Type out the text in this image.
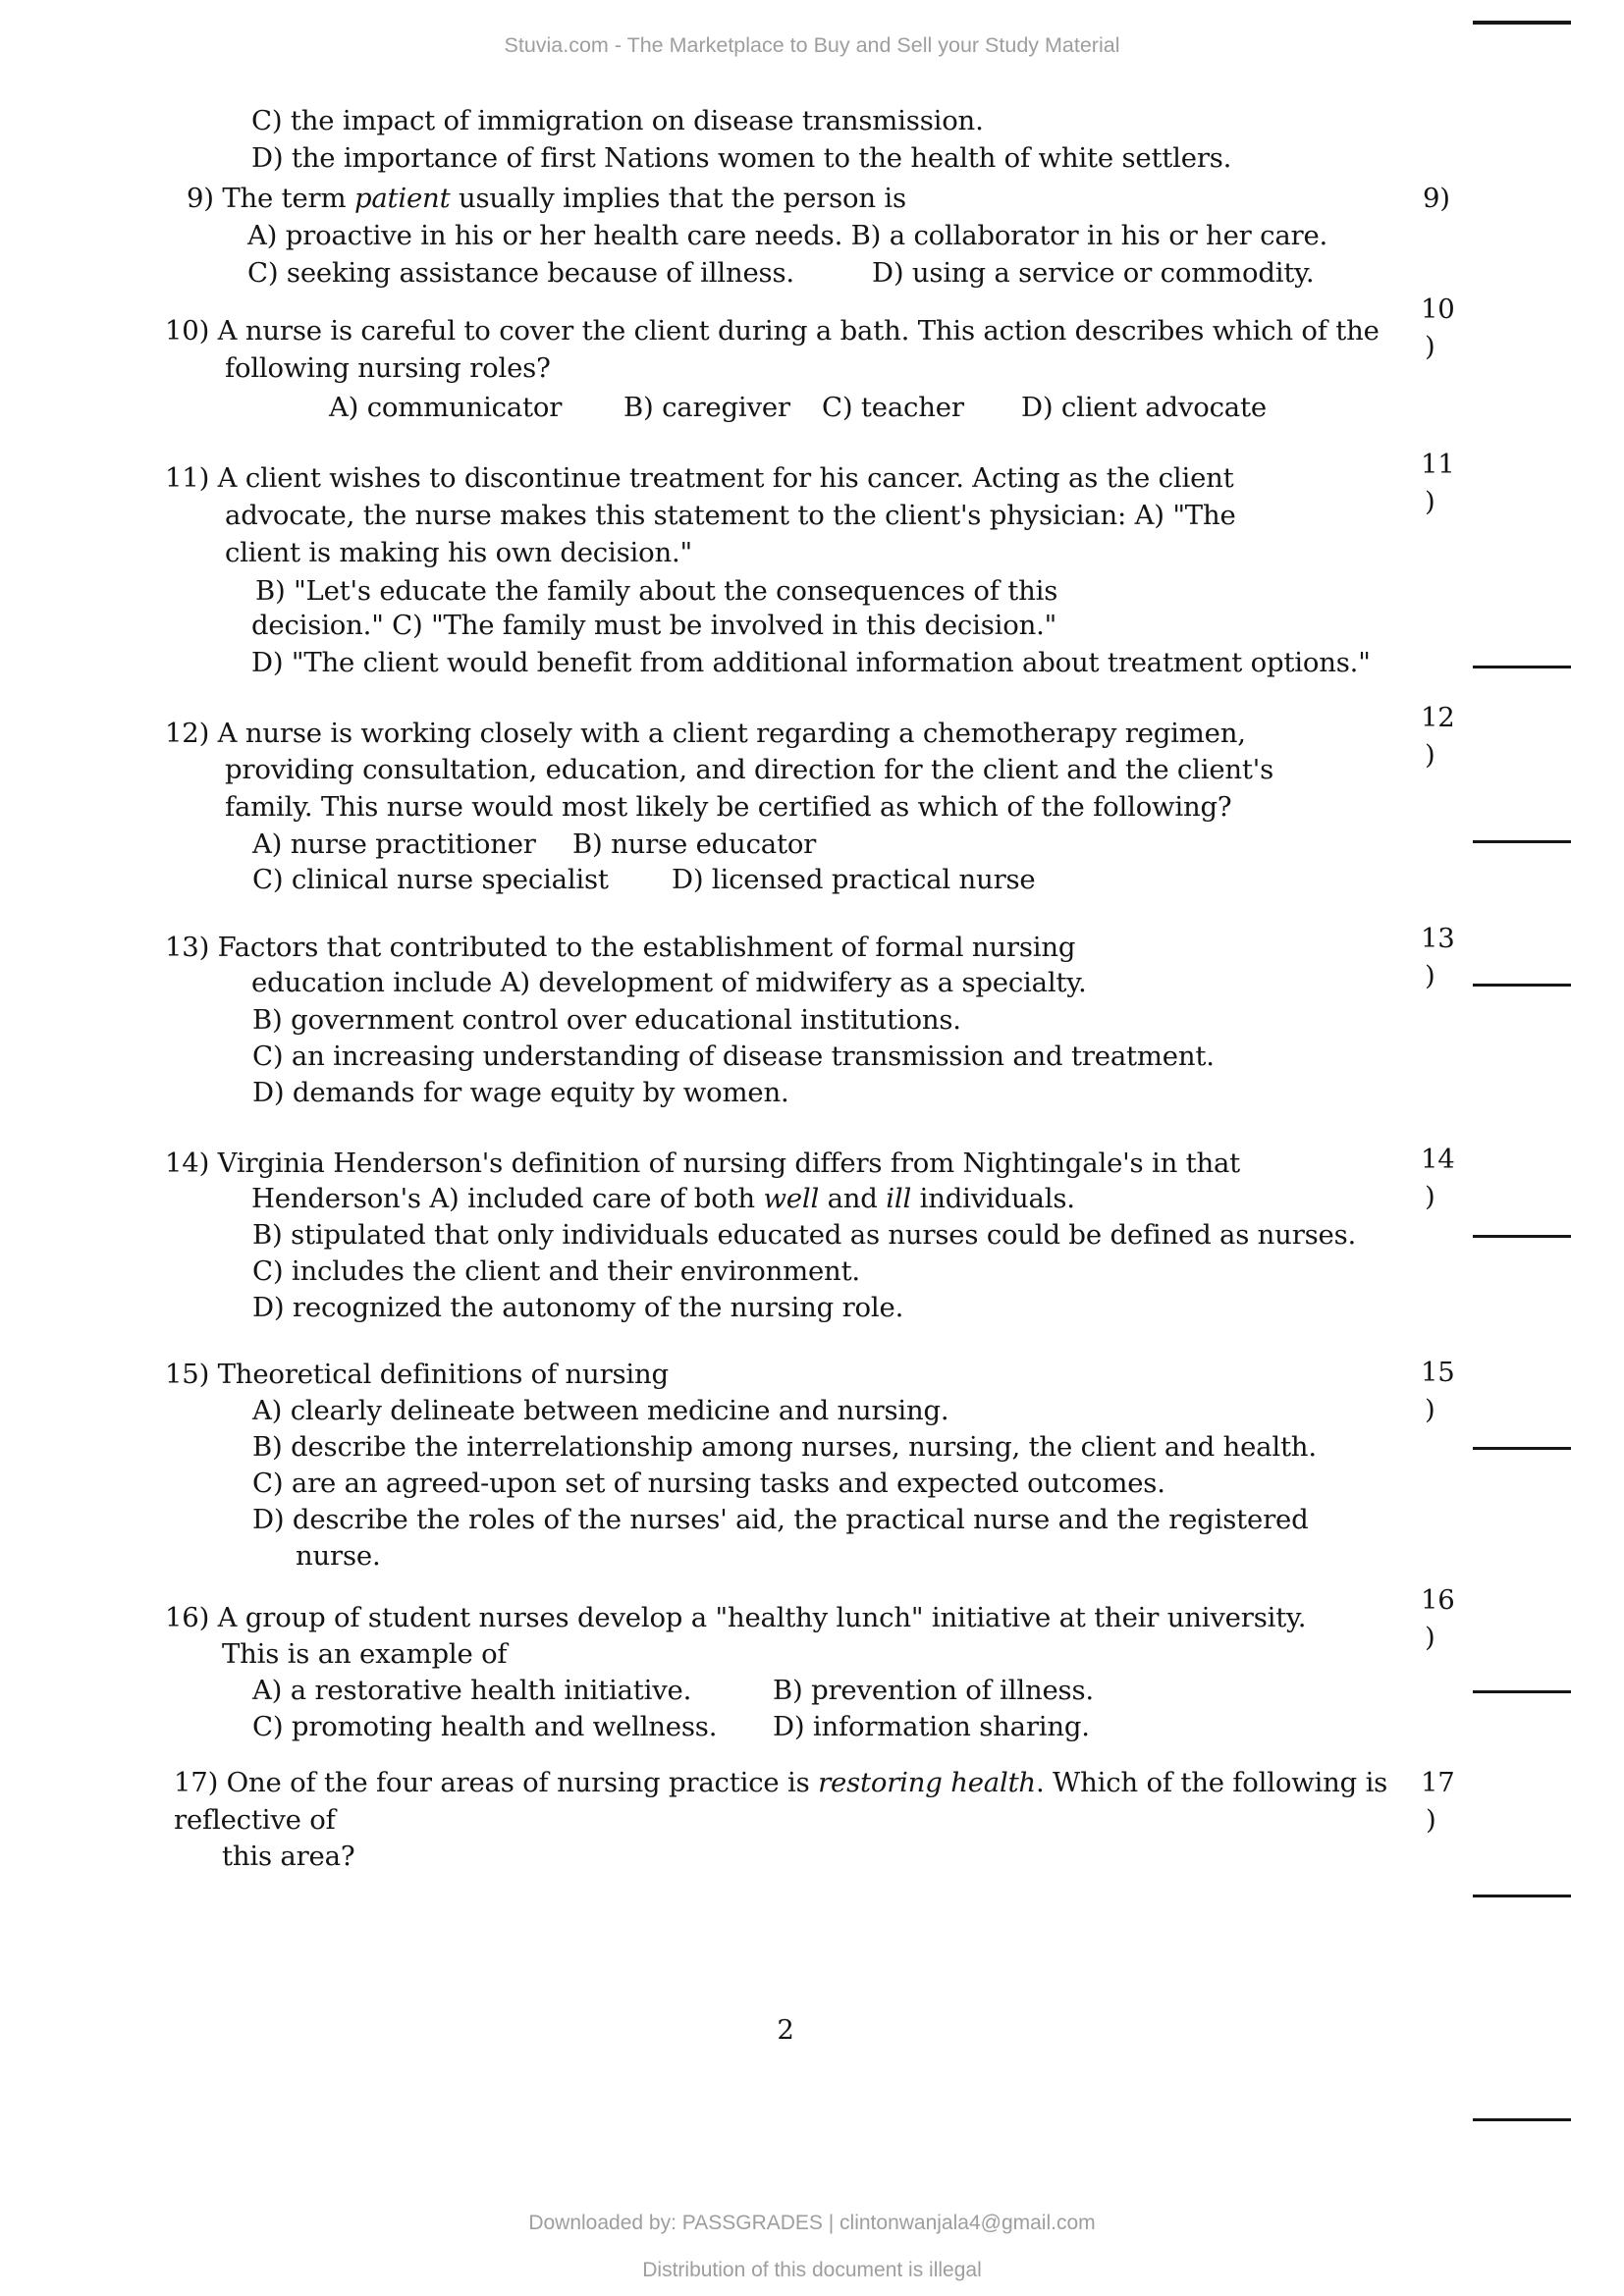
Stuvia.com - The Marketplace to Buy and Sell your Study Material
C) the impact of immigration on disease transmission.
D) the importance of first Nations women to the health of white settlers.
9) The term patient usually implies that the person is	9)
A) proactive in his or her health care needs. B) a collaborator in his or her care.
C) seeking assistance because of illness.	D) using a service or commodity.
10) A nurse is careful to cover the client during a bath. This action describes which of the
10
)
following nursing roles?
A) communicator B) caregiver C) teacher D) client advocate
11) A client wishes to discontinue treatment for his cancer. Acting as the client	11
)
advocate, the nurse makes this statement to the client's physician: A) "The
client is making his own decision."
B) "Let's educate the family about the consequences of this
decision." C) "The family must be involved in this decision."
D) "The client would benefit from additional information about treatment options."
12) A nurse is working closely with a client regarding a chemotherapy regimen,	12
)
providing consultation, education, and direction for the client and the client's
family. This nurse would most likely be certified as which of the following?
A) nurse practitioner B) nurse educator
C) clinical nurse specialist D) licensed practical nurse
13) Factors that contributed to the establishment of formal nursing	13
)
education include A) development of midwifery as a specialty.
B) government control over educational institutions.
C) an increasing understanding of disease transmission and treatment.
D) demands for wage equity by women.
14) Virginia Henderson's definition of nursing differs from Nightingale's in that	14
)
Henderson's A) included care of both well and ill individuals.
B) stipulated that only individuals educated as nurses could be defined as nurses.
C) includes the client and their environment.
D) recognized the autonomy of the nursing role.
15) Theoretical definitions of nursing	15
)
A) clearly delineate between medicine and nursing.
B) describe the interrelationship among nurses, nursing, the client and health.
C) are an agreed-upon set of nursing tasks and expected outcomes.
D) describe the roles of the nurses' aid, the practical nurse and the registered
nurse.
16) A group of student nurses develop a "healthy lunch" initiative at their university.
16
)
This is an example of
A) a restorative health initiative.	B) prevention of illness.
C) promoting health and wellness. D) information sharing.
17) One of the four areas of nursing practice is restoring health. Which of the following is 17
)
reflective of
this area?
2
Downloaded by: PASSGRADES | clintonwanjala4@gmail.com
Distribution of this document is illegal
